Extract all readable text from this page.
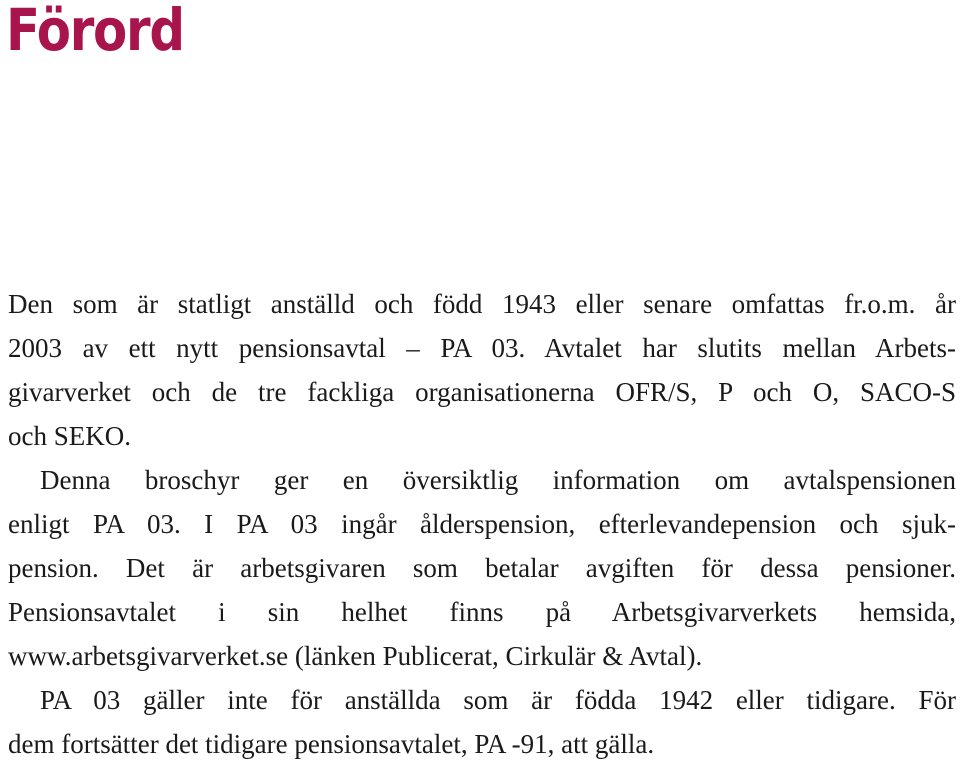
Förord

Den som är statligt anställd och född 1943 eller senare omfattas fr.o.m. år
2003 av ett nytt pensionsavtal – PA 03. Avtalet har slutits mellan Arbets-
givarverket och de tre fackliga organisationerna OFR/S, P och O, SACO-S
och SEKO.

Denna broschyr ger en översiktlig information om avtalspensionen
enligt PA 03. I PA 03 ingår ålderspension, efterlevandepension och sjuk-
pension. Det är arbetsgivaren som betalar avgiften för dessa pensioner.
Pensionsavtalet i sin helhet finns på Arbetsgivarverkets hemsida,
www.arbetsgivarverket.se (länken Publicerat, Cirkulär & Avtal).

PA 03 gäller inte för anställda som är födda 1942 eller tidigare. För
dem fortsätter det tidigare pensionsavtalet, PA -91, att gälla.
